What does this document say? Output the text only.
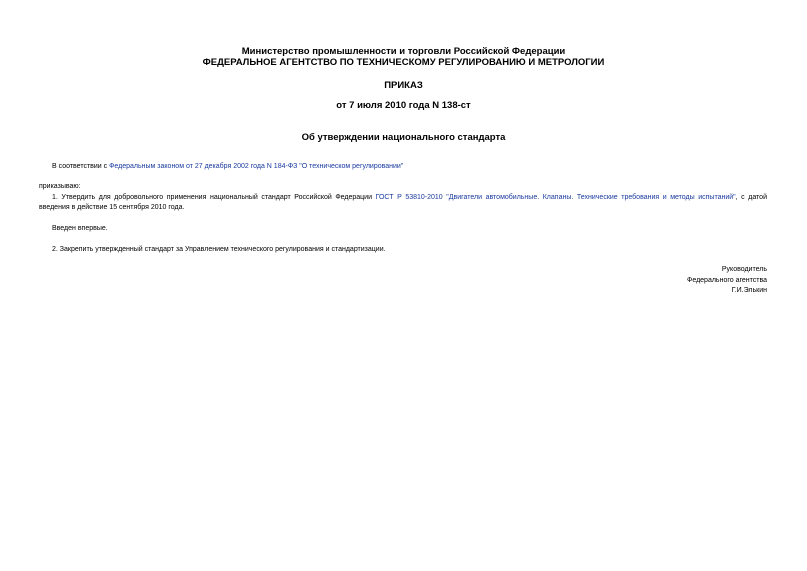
Министерство промышленности и торговли Российской Федерации
ФЕДЕРАЛЬНОЕ АГЕНТСТВО ПО ТЕХНИЧЕСКОМУ РЕГУЛИРОВАНИЮ И МЕТРОЛОГИИ
ПРИКАЗ
от 7 июля 2010 года N 138-ст
Об утверждении национального стандарта
В соответствии с Федеральным законом от 27 декабря 2002 года N 184-ФЗ "О техническом регулировании"
приказываю:
1. Утвердить для добровольного применения национальный стандарт Российской Федерации ГОСТ Р 53810-2010 "Двигатели автомобильные. Клапаны. Технические требования и методы испытаний", с датой
введения в действие 15 сентября 2010 года.
Введен впервые.
2. Закрепить утвержденный стандарт за Управлением технического регулирования и стандартизации.
Руководитель
Федерального агентства
Г.И.Элькин
